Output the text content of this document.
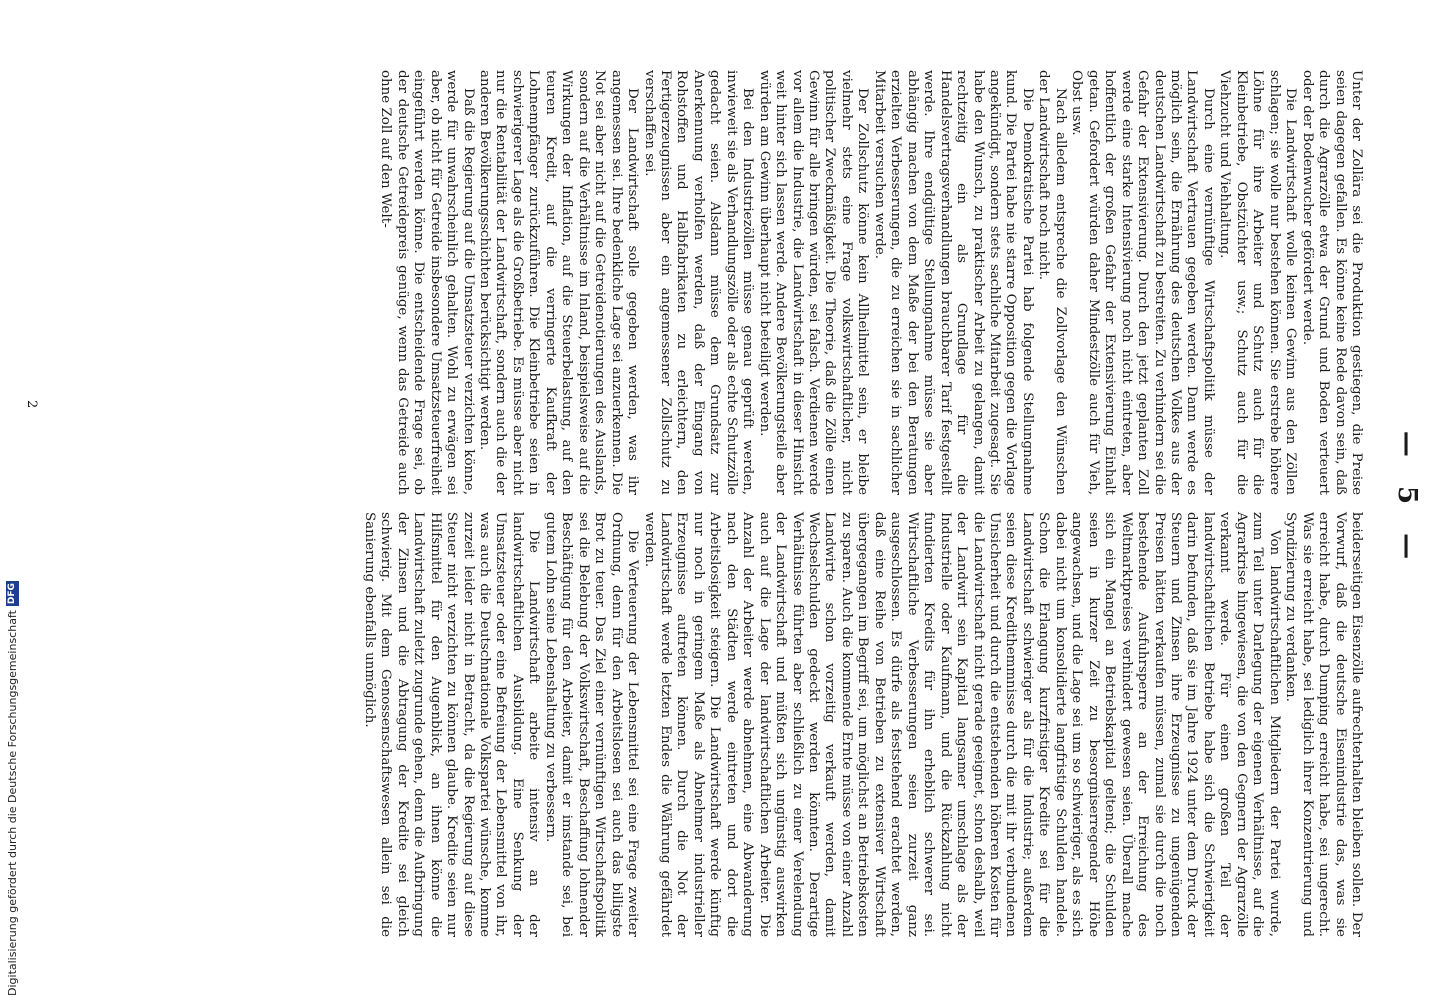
— 5 —

Unter der Zollära sei die Produktion gestiegen, die Preise seien dagegen gefallen. Es könne keine Rede davon sein, daß durch die Agrarzölle etwa der Grund und Boden verteuert oder der Bodenwucher gefördert werde.

Die Landwirtschaft wolle keinen Gewinn aus den Zöllen schlagen; sie wolle nur bestehen können. Sie erstrebe höhere Löhne für ihre Arbeiter und Schutz auch für die Kleinbetriebe, Obstzüchter usw.; Schutz auch für die Viehzucht und Viehhaltung.

Durch eine vernünftige Wirtschaftspolitik müsse der Landwirtschaft Vertrauen gegeben werden. Dann werde es möglich sein, die Ernährung des deutschen Volkes aus der deutschen Landwirtschaft zu bestreiten. Zu verhindern sei die Gefahr der Extensivierung. Durch den jetzt geplanten Zoll werde eine starke Intensivierung noch nicht eintreten, aber hoffentlich der großen Gefahr der Extensivierung Einhalt getan. Gefordert würden daher Mindestzölle auch für Vieh, Obst usw.

Nach alledem entspreche die Zollvorlage den Wünschen der Landwirtschaft noch nicht.

Die Demokratische Partei hab folgende Stellungnahme kund. Die Partei habe nie starre Opposition gegen die Vorlage angekündigt, sondern stets sachliche Mitarbeit zugesagt. Sie habe den Wunsch, zu praktischer Arbeit zu gelangen, damit rechtzeitig ein als Grundlage für die Handelsvertragsverhandlungen brauchbarer Tarif festgestellt werde. Ihre endgültige Stellungnahme müsse sie aber abhängig machen von dem Maße der bei den Beratungen erzielten Verbesserungen, die zu erreichen sie in sachlicher Mitarbeit versuchen werde.

Der Zollschutz könne kein Allheilmittel sein, er bleibe vielmehr stets eine Frage volkswirtschaftlicher, nicht politischer Zweckmäßigkeit. Die Theorie, daß die Zölle einen Gewinn für alle bringen würden, sei falsch. Verdienen werde vor allem die Industrie, die Landwirtschaft in dieser Hinsicht weit hinter sich lassen werde. Andere Bevölkerungsteile aber würden am Gewinn überhaupt nicht beteiligt werden.

Bei den Industriezöllen müsse genau geprüft werden, inwieweit sie als Verhandlungszölle oder als echte Schutzzölle gedacht seien. Alsdann müsse dem Grundsatz zur Anerkennung verholfen werden, daß der Eingang von Rohstoffen und Halbfabrikaten zu erleichtern, den Fertigerzeugnissen aber ein angemessener Zollschutz zu verschaffen sei.

Der Landwirtschaft solle gegeben werden, was ihr angemessen sei. Ihre bedenkliche Lage sei anzuerkennen. Die Not sei aber nicht auf die Getreidenotierungen des Auslands, sondern auf die Verhältnisse im Inland, beispielsweise auf die Wirkungen der Inflation, auf die Steuerbelastung, auf den teuren Kredit, auf die verringerte Kaufkraft der Lohnempfänger zurückzuführen. Die Kleinbetriebe seien in schwierigerer Lage als die Großbetriebe. Es müsse aber nicht nur die Rentabilität der Landwirtschaft, sondern auch die der anderen Bevölkerungsschichten berücksichtigt werden.

Daß die Regierung auf die Umsatzsteuer verzichten könne, werde für unwahrscheinlich gehalten. Wohl zu erwägen sei aber, ob nicht für Getreide insbesondere Umsatzsteuerfreiheit eingeführt werden könne. Die entscheidende Frage sei, ob der deutsche Getreidepreis genüge, wenn das Getreide auch ohne Zoll auf den Welt-

beiderseitigen Eisenzölle aufrechterhalten bleiben sollen. Der Vorwurf, daß die deutsche Eisenindustrie das, was sie erreicht habe, durch Dumping erreicht habe, sei ungerecht. Was sie erreicht habe, sei lediglich ihrer Konzentrierung und Syndizierung zu verdanken.

Von landwirtschaftlichen Mitgliedern der Partei wurde, zum Teil unter Darlegung der eigenen Verhältnisse, auf die Agrarkrise hingewiesen, die von den Gegnern der Agrarzölle verkannt werde. Für einen großen Teil der landwirtschaftlichen Betriebe habe sich die Schwierigkeit darin befunden, daß sie im Jahre 1924 unter dem Druck der Steuern und Zinsen ihre Erzeugnisse zu ungenügenden Preisen hätten verkaufen müssen, zumal sie durch die noch bestehende Ausfuhrsperre an der Erreichung des Weltmarktpreises verhindert gewesen seien. Überall mache sich ein Mangel an Betriebskapital geltend; die Schulden seien in kurzer Zeit zu besorgniserregender Höhe angewachsen, und die Lage sei um so schwieriger, als es sich dabei nicht um konsolidierte langfristige Schulden handele. Schon die Erlangung kurzfristiger Kredite sei für die Landwirtschaft schwieriger als für die Industrie; außerdem seien diese Kredithemmnisse durch die mit ihr verbundenen Unsicherheit und durch die entstehenden höheren Kosten für die Landwirtschaft nicht gerade geeignet, schon deshalb, weil der Landwirt sein Kapital langsamer umschlage als der Industrielle oder Kaufmann, und die Rückzahlung nicht fundierten Kredits für ihn erheblich schwerer sei. Wirtschaftliche Verbesserungen seien zurzeit ganz ausgeschlossen. Es dürfe als feststehend erachtet werden, daß eine Reihe von Betrieben zu extensiver Wirtschaft übergegangen im Begriff sei, um möglichst an Betriebskosten zu sparen. Auch die kommende Ernte müsse von einer Anzahl Landwirte schon vorzeitig verkauft werden, damit Wechselschulden gedeckt werden könnten. Derartige Verhältnisse führten aber schließlich zu einer Verelendung der Landwirtschaft und müßten sich ungünstig auswirken auch auf die Lage der landwirtschaftlichen Arbeiter. Die Anzahl der Arbeiter werde abnehmen, eine Abwanderung nach den Städten werde eintreten und dort die Arbeitslosigkeit steigern. Die Landwirtschaft werde künftig nur noch in geringem Maße als Abnehmer industrieller Erzeugnisse auftreten können. Durch die Not der Landwirtschaft werde letzten Endes die Währung gefährdet werden.

Die Verteuerung der Lebensmittel sei eine Frage zweiter Ordnung, denn für den Arbeitslosen sei auch das billigste Brot zu teuer. Das Ziel einer vernünftigen Wirtschaftspolitik sei die Belebung der Volkswirtschaft, Beschaffung lohnender Beschäftigung für den Arbeiter, damit er imstande sei, bei gutem Lohn seine Lebenshaltung zu verbessern.

Die Landwirtschaft arbeite intensiv an der landwirtschaftlichen Ausbildung. Eine Senkung der Umsatzsteuer oder eine Befreiung der Lebensmittel von ihr, was auch die Deutschnationale Volkspartei wünsche, komme zurzeit leider nicht in Betracht, da die Regierung auf diese Steuer nicht verzichten zu können glaube. Kredite seien nur Hilfsmittel für den Augenblick, an ihnen könne die Landwirtschaft zuletzt zugrunde gehen, denn die Aufbringung der Zinsen und die Abtragung der Kredite sei gleich schwierig. Mit dem Genossenschaftswesen allein sei die Sanierung ebenfalls unmöglich.

2
Digitalisierung gefördert durch die Deutsche Forschungsgemeinschaft
DFG
